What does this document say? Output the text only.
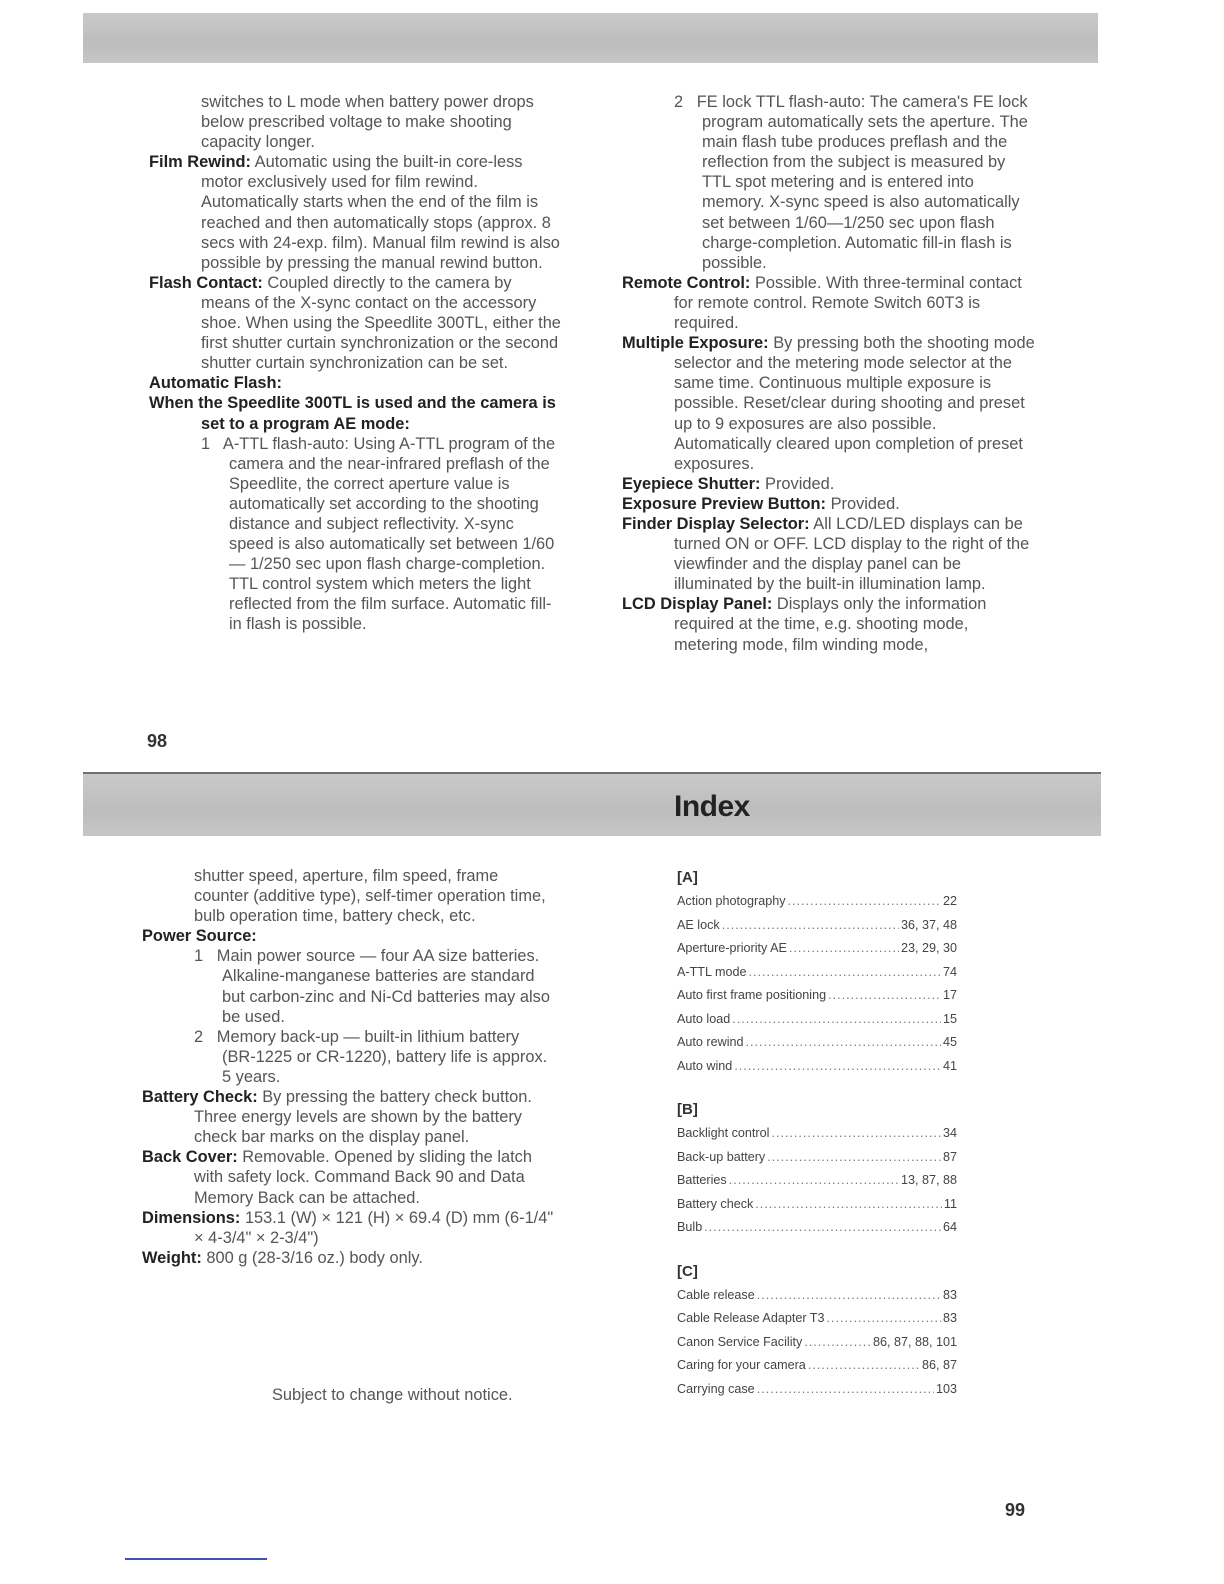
Index

switches to L mode when battery power drops below prescribed voltage to make shooting capacity longer.

Film Rewind: Automatic using the built-in core-less motor exclusively used for film rewind. Automatically starts when the end of the film is reached and then automatically stops (approx. 8 secs with 24-exp. film). Manual film rewind is also possible by pressing the manual rewind button.

Flash Contact: Coupled directly to the camera by means of the X-sync contact on the accessory shoe. When using the Speedlite 300TL, either the first shutter curtain synchronization or the second shutter curtain synchronization can be set.

Automatic Flash:

When the Speedlite 300TL is used and the camera is set to a program AE mode:

1 A-TTL flash-auto: Using A-TTL program of the camera and the near-infrared preflash of the Speedlite, the correct aperture value is automatically set according to the shooting distance and subject reflectivity. X-sync speed is also automatically set between 1/60 — 1/250 sec upon flash charge-completion. TTL control system which meters the light reflected from the film surface. Automatic fill-in flash is possible.

2 FE lock TTL flash-auto: The camera's FE lock program automatically sets the aperture. The main flash tube produces preflash and the reflection from the subject is measured by TTL spot metering and is entered into memory. X-sync speed is also automatically set between 1/60—1/250 sec upon flash charge-completion. Automatic fill-in flash is possible.

Remote Control: Possible. With three-terminal contact for remote control. Remote Switch 60T3 is required.

Multiple Exposure: By pressing both the shooting mode selector and the metering mode selector at the same time. Continuous multiple exposure is possible. Reset/clear during shooting and preset up to 9 exposures are also possible. Automatically cleared upon completion of preset exposures.

Eyepiece Shutter: Provided.

Exposure Preview Button: Provided.

Finder Display Selector: All LCD/LED displays can be turned ON or OFF. LCD display to the right of the viewfinder and the display panel can be illuminated by the built-in illumination lamp.

LCD Display Panel: Displays only the information required at the time, e.g. shooting mode, metering mode, film winding mode,

98

shutter speed, aperture, film speed, frame counter (additive type), self-timer operation time, bulb operation time, battery check, etc.

Power Source:

1 Main power source — four AA size batteries. Alkaline-manganese batteries are standard but carbon-zinc and Ni-Cd batteries may also be used.

2 Memory back-up — built-in lithium battery (BR-1225 or CR-1220), battery life is approx. 5 years.

Battery Check: By pressing the battery check button. Three energy levels are shown by the battery check bar marks on the display panel.

Back Cover: Removable. Opened by sliding the latch with safety lock. Command Back 90 and Data Memory Back can be attached.

Dimensions: 153.1 (W) × 121 (H) × 69.4 (D) mm (6-1/4" × 4-3/4" × 2-3/4")

Weight: 800 g (28-3/16 oz.) body only.

Subject to change without notice.
[A]
Action photography .....	22
AE lock .....	36, 37, 48
Aperture-priority AE .....	23, 29, 30
A-TTL mode .....	74
Auto first frame positioning .....	17
Auto load .....	15
Auto rewind .....	45
Auto wind .....	41
[B]
Backlight control .....	34
Back-up battery .....	87
Batteries .....	13, 87, 88
Battery check .....	11
Bulb .....	64
[C]
Cable release .....	83
Cable Release Adapter T3 .....	83
Canon Service Facility .....	86, 87, 88, 101
Caring for your camera .....	86, 87
Carrying case .....	103
99
